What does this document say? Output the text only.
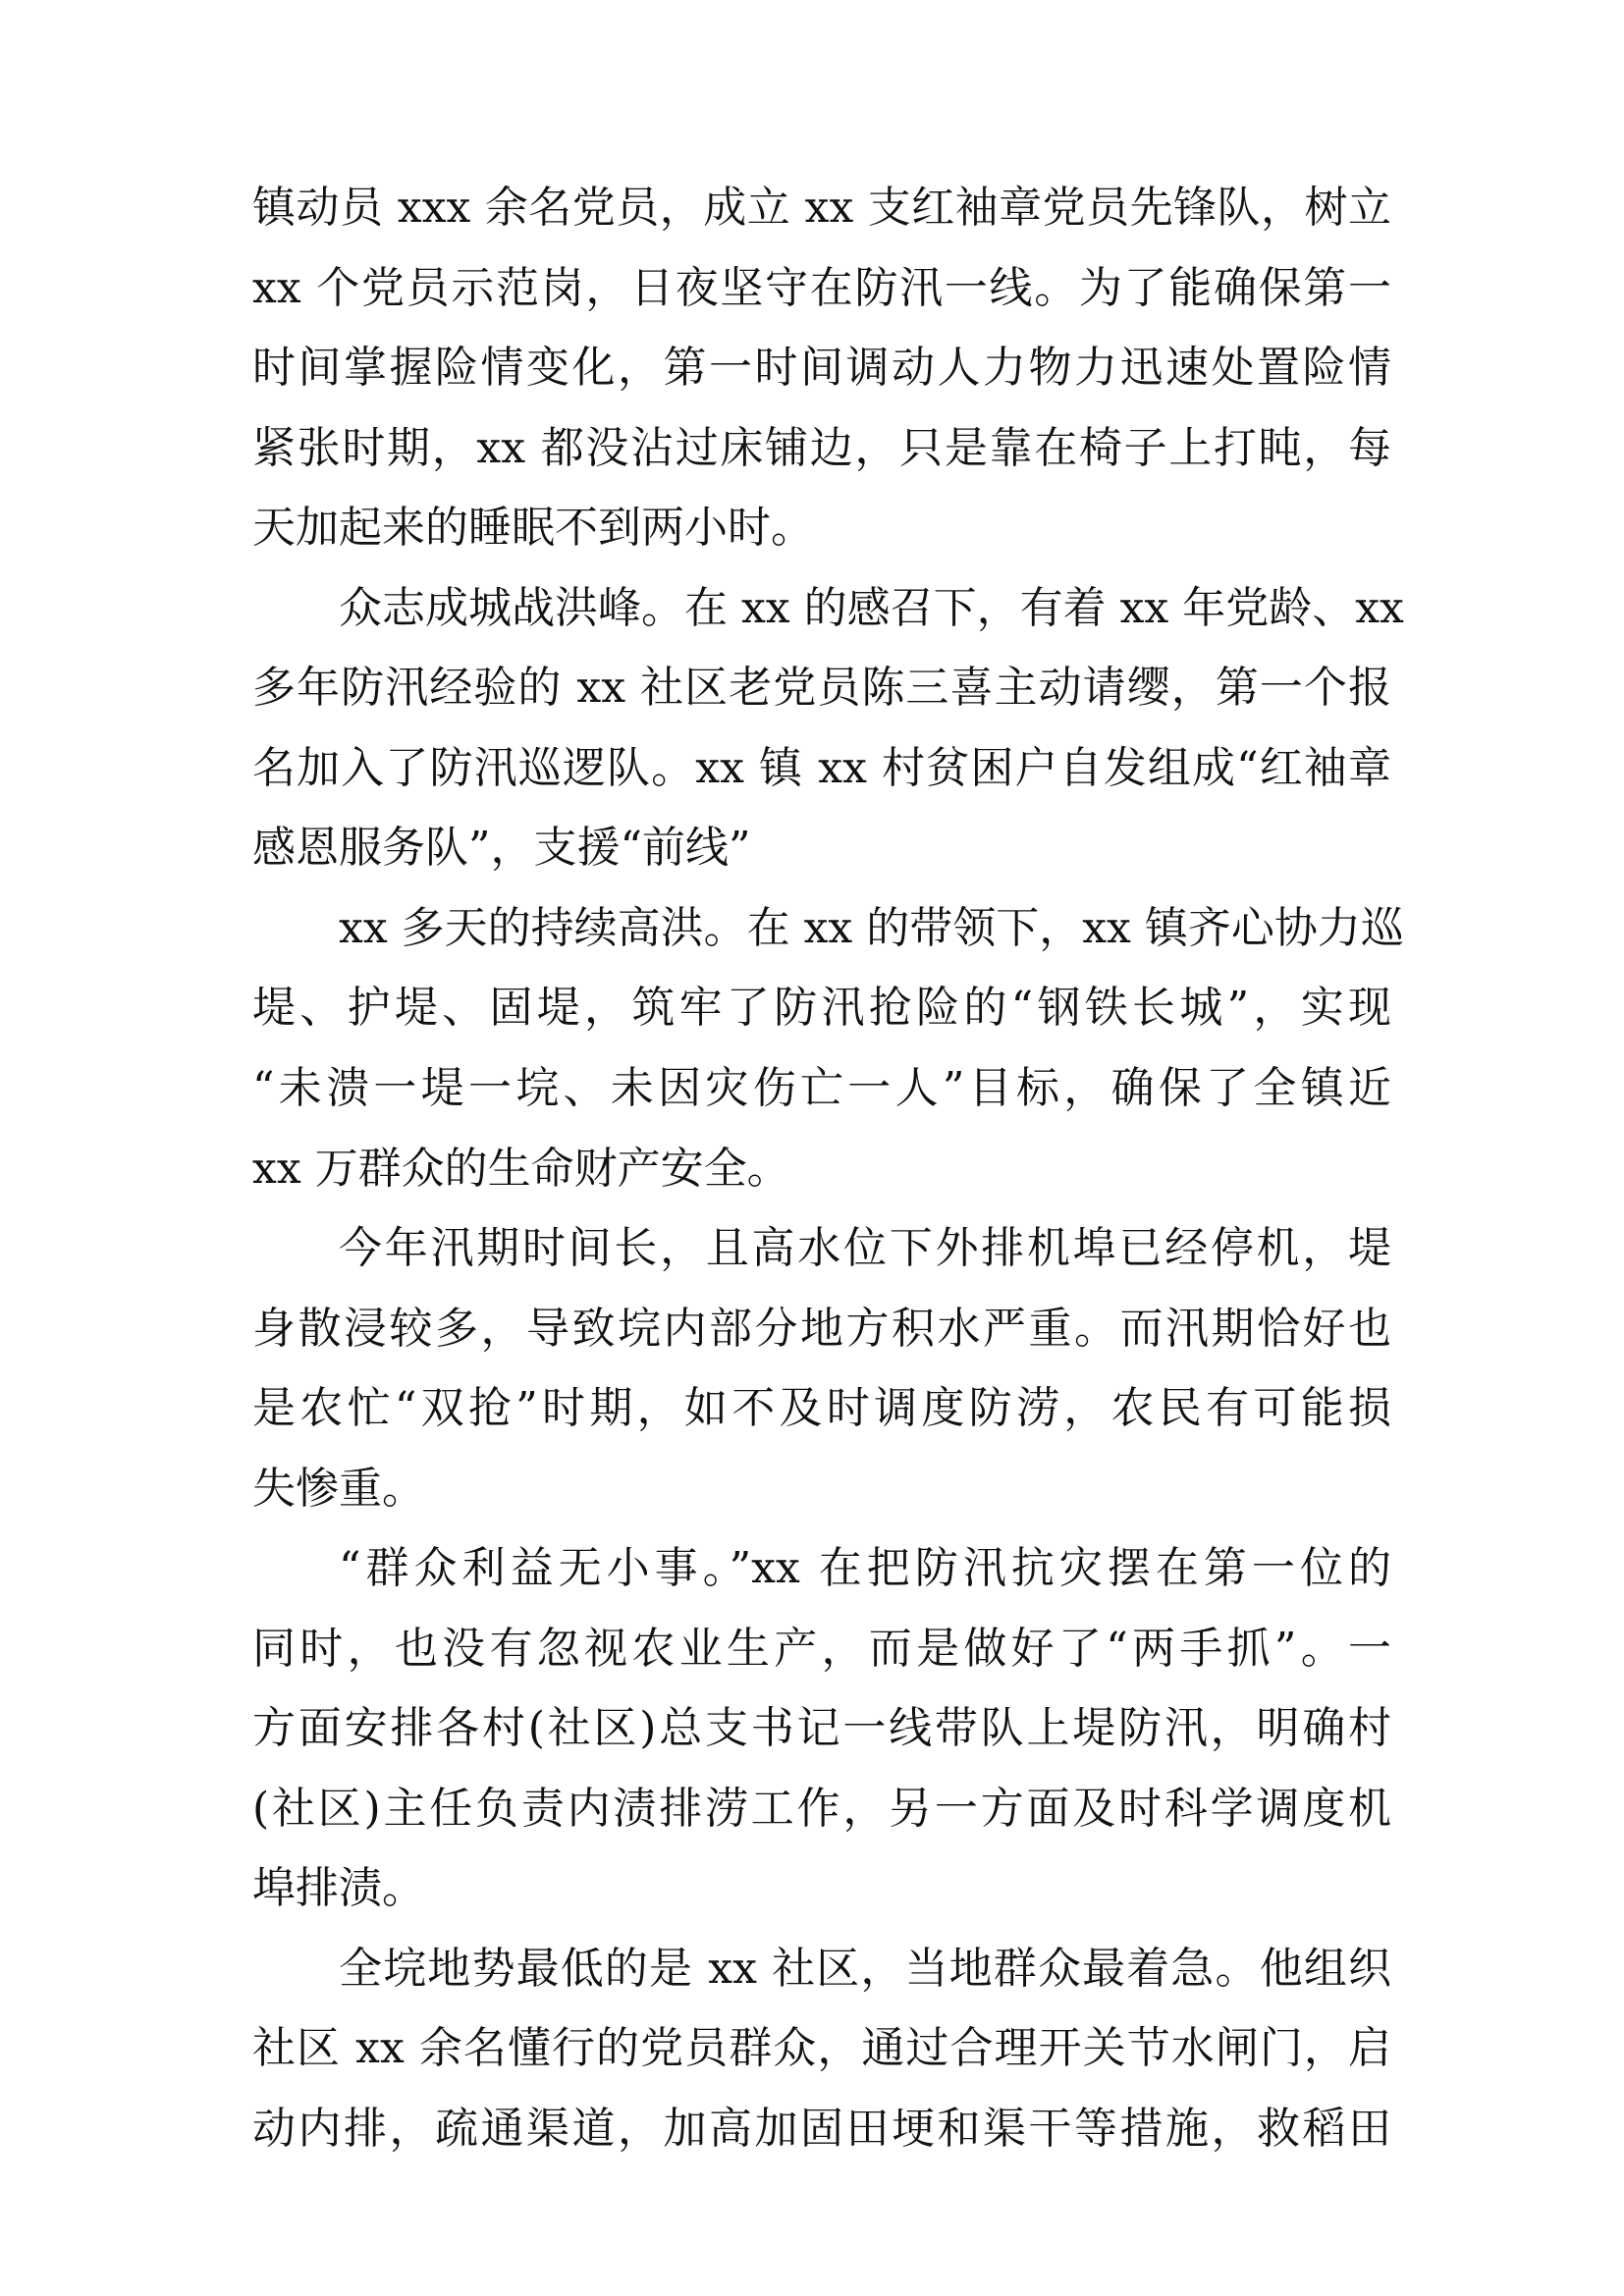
镇动员 xxx 余名党员，成立 xx 支红袖章党员先锋队，树立
xx 个党员示范岗，日夜坚守在防汛一线。为了能确保第一
时间掌握险情变化，第一时间调动人力物力迅速处置险情
紧张时期，xx 都没沾过床铺边，只是靠在椅子上打盹，每
天加起来的睡眠不到两小时。
众志成城战洪峰。在 xx 的感召下，有着 xx 年党龄、xx
多年防汛经验的 xx 社区老党员陈三喜主动请缨，第一个报
名加入了防汛巡逻队。xx 镇 xx 村贫困户自发组成“红袖章
感恩服务队”，支援“前线”
xx 多天的持续高洪。在 xx 的带领下，xx 镇齐心协力巡
堤、护堤、固堤，筑牢了防汛抢险的“钢铁长城”，实现
“未溃一堤一垸、未因灾伤亡一人”目标，确保了全镇近
xx 万群众的生命财产安全。
今年汛期时间长，且高水位下外排机埠已经停机，堤
身散浸较多，导致垸内部分地方积水严重。而汛期恰好也
是农忙“双抢”时期，如不及时调度防涝，农民有可能损
失惨重。
“群众利益无小事。”xx 在把防汛抗灾摆在第一位的
同时，也没有忽视农业生产，而是做好了“两手抓”。一
方面安排各村(社区)总支书记一线带队上堤防汛，明确村
(社区)主任负责内渍排涝工作，另一方面及时科学调度机
埠排渍。
全垸地势最低的是 xx 社区，当地群众最着急。他组织
社区 xx 余名懂行的党员群众，通过合理开关节水闸门，启
动内排，疏通渠道，加高加固田埂和渠干等措施，救稻田
